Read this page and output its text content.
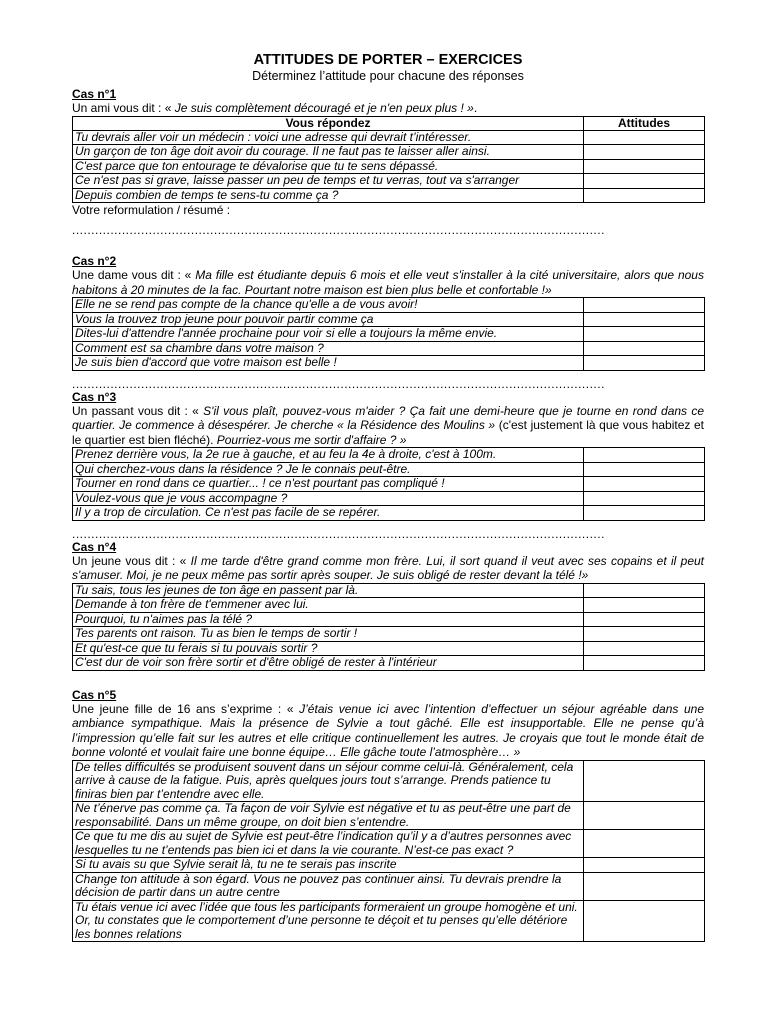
ATTITUDES DE PORTER – EXERCICES
Déterminez l’attitude pour chacune des réponses
Cas n°1
Un ami vous dit : « Je suis complètement découragé et je n'en peux plus ! ».
Vous répondez	Attitudes
Tu devrais aller voir un médecin : voici une adresse qui devrait t’intéresser.	
Un garçon de ton âge doit avoir du courage. Il ne faut pas te laisser aller ainsi.	
C'est parce que ton entourage te dévalorise que tu te sens dépassé.	
Ce n'est pas si grave, laisse passer un peu de temps et tu verras, tout va s'arranger	
Depuis combien de temps te sens-tu comme ça ?	
Votre reformulation / résumé :
...........................................................................................................................................
Cas n°2
Une dame vous dit : « Ma fille est étudiante depuis 6 mois et elle veut s'installer à la cité universitaire, alors que nous habitons à 20 minutes de la fac. Pourtant notre maison est bien plus belle et confortable !»
Elle ne se rend pas compte de la chance qu'elle a de vous avoir!	
Vous la trouvez trop jeune pour pouvoir partir comme ça	
Dites-lui d'attendre l'année prochaine pour voir si elle a toujours la même envie.	
Comment est sa chambre dans votre maison ?	
Je suis bien d'accord que votre maison est belle !	
...........................................................................................................................................
Cas n°3
Un passant vous dit : « S'il vous plaît, pouvez-vous m'aider ? Ça fait une demi-heure que je tourne en rond dans ce quartier. Je commence à désespérer. Je cherche « la Résidence des Moulins » (c'est justement là que vous habitez et le quartier est bien fléché). Pourriez-vous me sortir d'affaire ? »
Prenez derrière vous, la 2e rue à gauche, et au feu la 4e à droite, c'est à 100m.	
Qui cherchez-vous dans la résidence ? Je le connais peut-être.	
Tourner en rond dans ce quartier... ! ce n'est pourtant pas compliqué !	
Voulez-vous que je vous accompagne ?	
Il y a trop de circulation. Ce n'est pas facile de se repérer.	
...........................................................................................................................................
Cas n°4
Un jeune vous dit : « Il me tarde d'être grand comme mon frère. Lui, il sort quand il veut avec ses copains et il peut s'amuser. Moi, je ne peux même pas sortir après souper. Je suis obligé de rester devant la télé !»
Tu sais, tous les jeunes de ton âge en passent par là.	
Demande à ton frère de t'emmener avec lui.	
Pourquoi, tu n'aimes pas la télé ?	
Tes parents ont raison. Tu as bien le temps de sortir !	
Et qu'est-ce que tu ferais si tu pouvais sortir ?	
C'est dur de voir son frère sortir et d'être obligé de rester à l'intérieur	
Cas n°5
Une jeune fille de 16 ans s’exprime : « J’étais venue ici avec l’intention d’effectuer un séjour agréable dans une ambiance sympathique. Mais la présence de Sylvie a tout gâché. Elle est insupportable. Elle ne pense qu’à l’impression qu’elle fait sur les autres et elle critique continuellement les autres. Je croyais que tout le monde était de bonne volonté et voulait faire une bonne équipe… Elle gâche toute l’atmosphère… »
De telles difficultés se produisent souvent dans un séjour comme celui-là. Généralement, cela arrive à cause de la fatigue. Puis, après quelques jours tout s’arrange. Prends patience tu finiras bien par t’entendre avec elle.	
Ne t’énerve pas comme ça. Ta façon de voir Sylvie est négative et tu as peut-être une part de responsabilité. Dans un même groupe, on doit bien s’entendre.	
Ce que tu me dis au sujet de Sylvie est peut-être l’indication qu’il y a d’autres personnes avec lesquelles tu ne t’entends pas bien ici et dans la vie courante. N’est-ce pas exact ?	
Si tu avais su que Sylvie serait là, tu ne te serais pas inscrite	
Change ton attitude à son égard. Vous ne pouvez pas continuer ainsi. Tu devrais prendre la décision de partir dans un autre centre	
Tu étais venue ici avec l’idée que tous les participants formeraient un groupe homogène et uni. Or, tu constates que le comportement d’une personne te déçoit et tu penses qu’elle détériore les bonnes relations	
